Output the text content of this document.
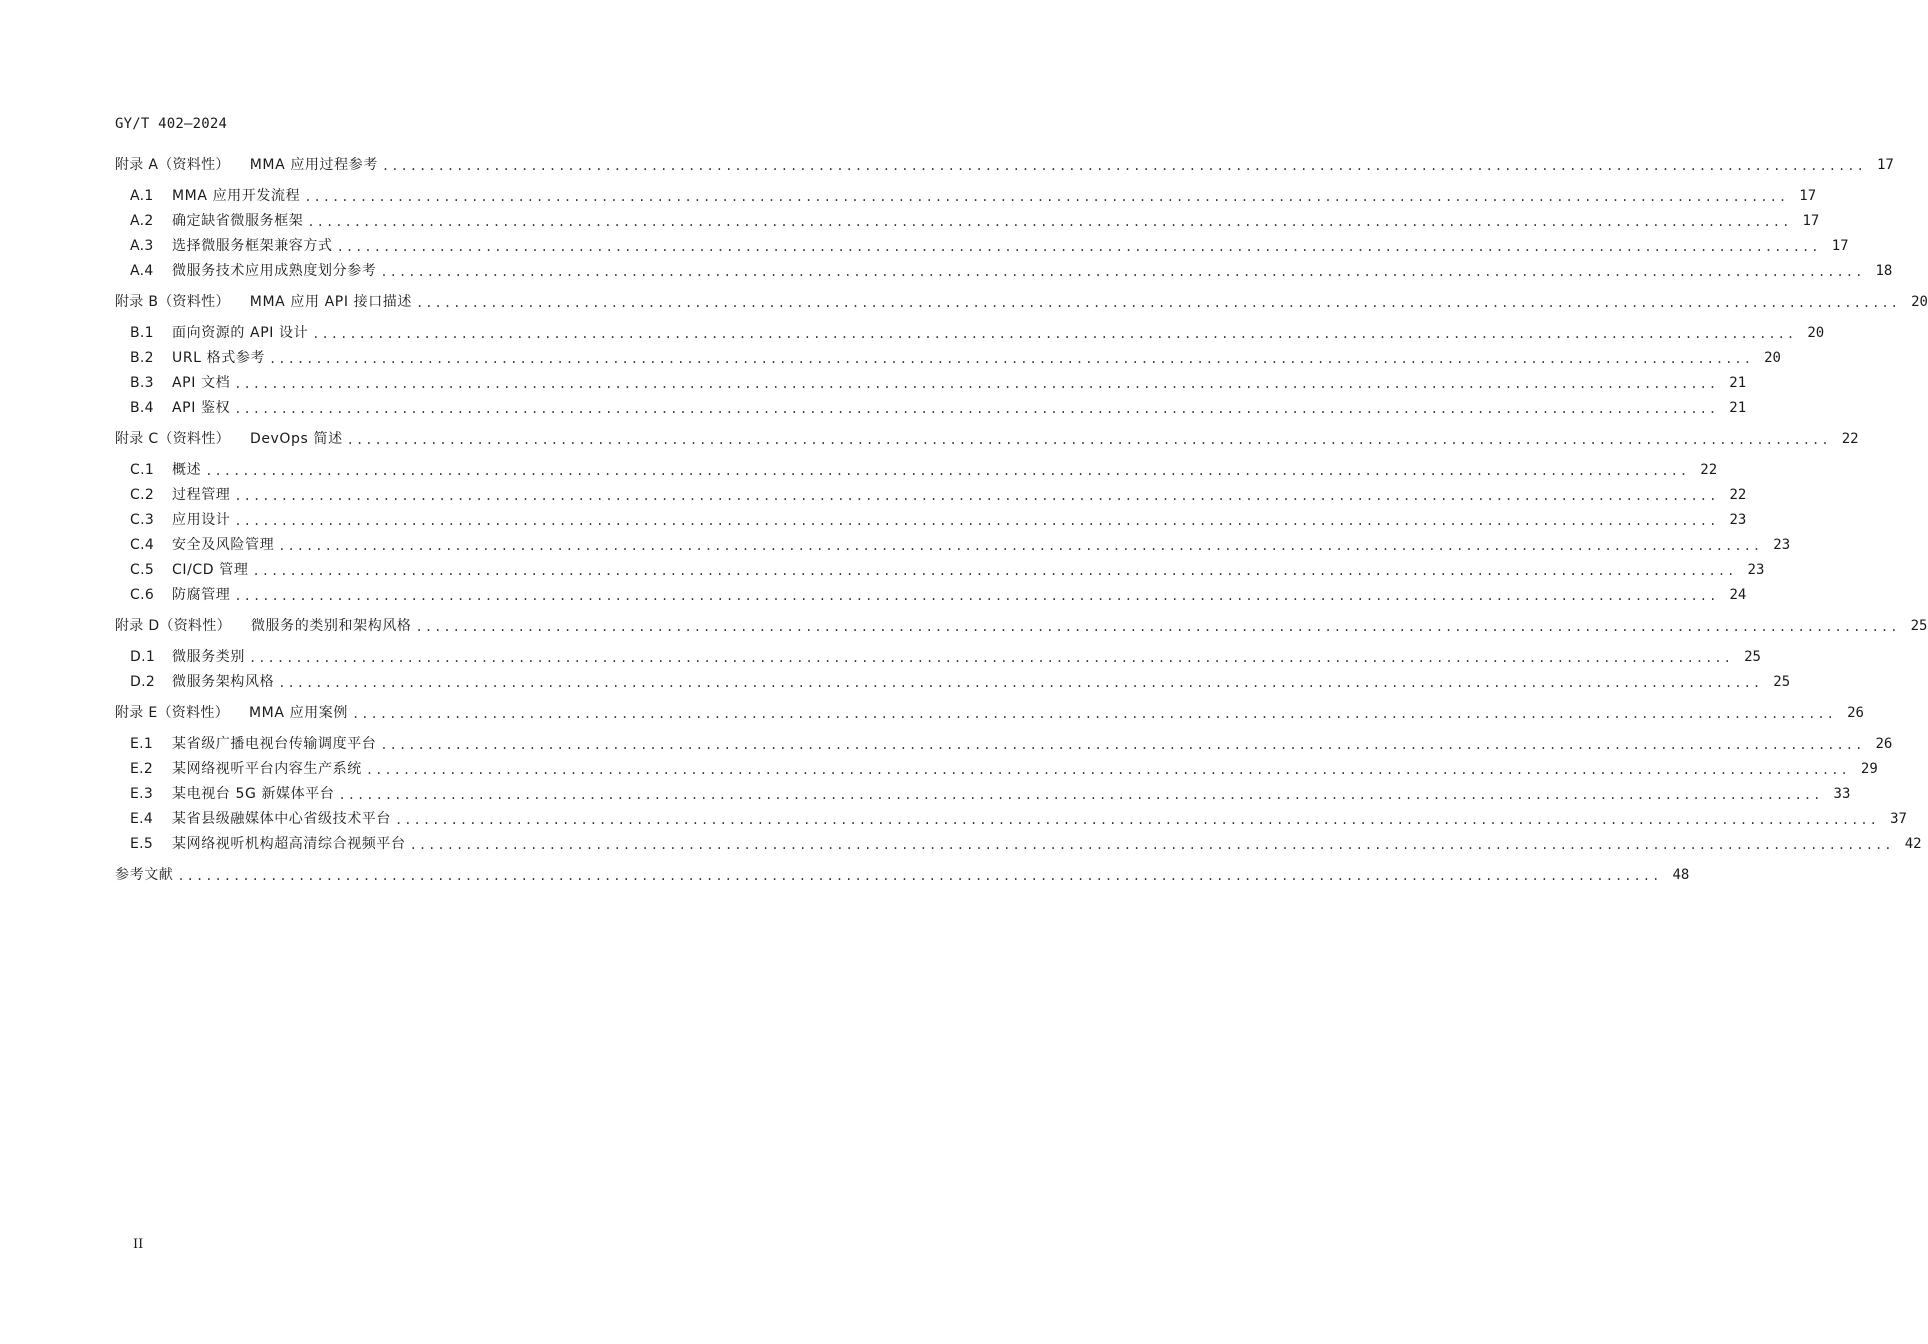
GY/T 402—2024
附录 A（资料性） MMA 应用过程参考 ................................................................................................................................................................ 17
A.1	MMA 应用开发流程 ................................................................................................................................................................ 17
A.2	确定缺省微服务框架 ................................................................................................................................................................ 17
A.3	选择微服务框架兼容方式 ................................................................................................................................................................ 17
A.4	微服务技术应用成熟度划分参考 ................................................................................................................................................................ 18
附录 B（资料性） MMA 应用 API 接口描述 ................................................................................................................................................................ 20
B.1	面向资源的 API 设计 ................................................................................................................................................................ 20
B.2	URL 格式参考 ................................................................................................................................................................ 20
B.3	API 文档 ................................................................................................................................................................ 21
B.4	API 鉴权 ................................................................................................................................................................ 21
附录 C（资料性） DevOps 简述 ................................................................................................................................................................ 22
C.1	概述 ................................................................................................................................................................ 22
C.2	过程管理 ................................................................................................................................................................ 22
C.3	应用设计 ................................................................................................................................................................ 23
C.4	安全及风险管理 ................................................................................................................................................................ 23
C.5	CI/CD 管理 ................................................................................................................................................................ 23
C.6	防腐管理 ................................................................................................................................................................ 24
附录 D（资料性） 微服务的类别和架构风格 ................................................................................................................................................................ 25
D.1	微服务类别 ................................................................................................................................................................ 25
D.2	微服务架构风格 ................................................................................................................................................................ 25
附录 E（资料性） MMA 应用案例 ................................................................................................................................................................ 26
E.1	某省级广播电视台传输调度平台 ................................................................................................................................................................ 26
E.2	某网络视听平台内容生产系统 ................................................................................................................................................................ 29
E.3	某电视台 5G 新媒体平台 ................................................................................................................................................................ 33
E.4	某省县级融媒体中心省级技术平台 ................................................................................................................................................................ 37
E.5	某网络视听机构超高清综合视频平台 ................................................................................................................................................................ 42
参考文献 ................................................................................................................................................................ 48
II
